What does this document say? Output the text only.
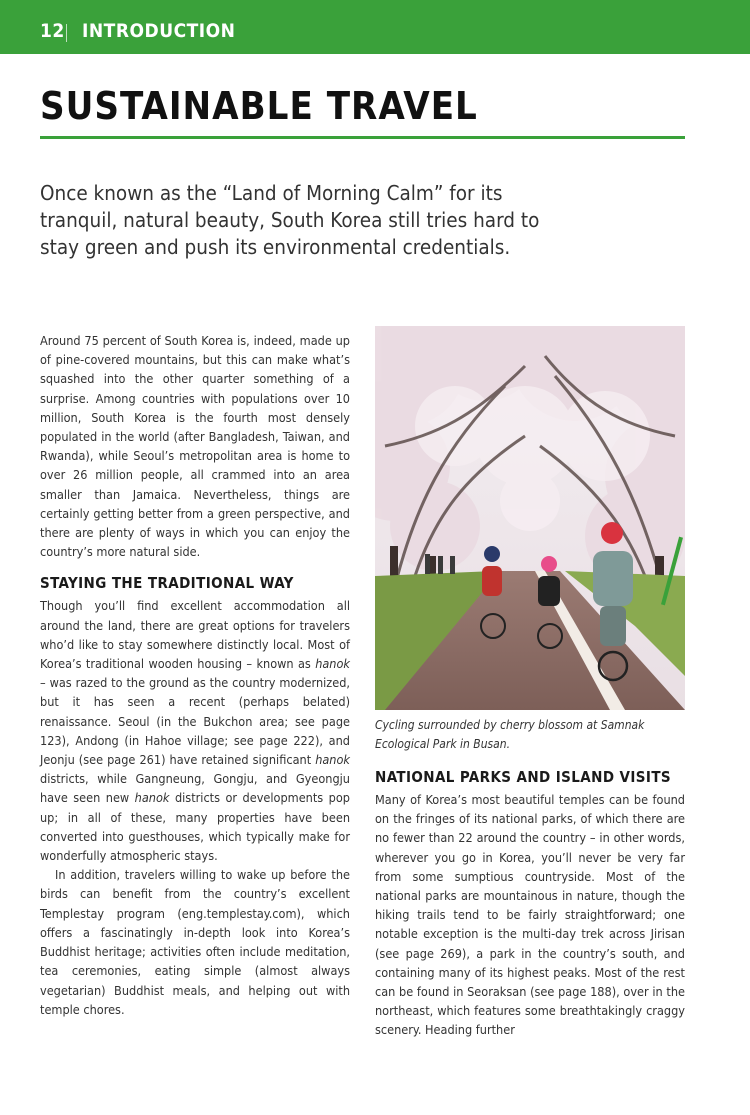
12 INTRODUCTION
SUSTAINABLE TRAVEL
Once known as the “Land of Morning Calm” for its tranquil, natural beauty, South Korea still tries hard to stay green and push its environmental credentials.

Around 75 percent of South Korea is, indeed, made up of pine-covered mountains, but this can make what’s squashed into the other quarter something of a surprise. Among countries with populations over 10 million, South Korea is the fourth most densely populated in the world (after Bangladesh, Taiwan, and Rwanda), while Seoul’s metropolitan area is home to over 26 million people, all crammed into an area smaller than Jamaica. Nevertheless, things are certainly getting better from a green perspective, and there are plenty of ways in which you can enjoy the country’s more natural side.

STAYING THE TRADITIONAL WAY

Though you’ll find excellent accommodation all around the land, there are great options for travelers who’d like to stay somewhere distinctly local. Most of Korea’s traditional wooden housing – known as hanok – was razed to the ground as the country modernized, but it has seen a recent (perhaps belated) renaissance. Seoul (in the Bukchon area; see page 123), Andong (in Hahoe village; see page 222), and Jeonju (see page 261) have retained significant hanok districts, while Gangneung, Gongju, and Gyeongju have seen new hanok districts or developments pop up; in all of these, many properties have been converted into guesthouses, which typically make for wonderfully atmospheric stays.

In addition, travelers willing to wake up before the birds can benefit from the country’s excellent Templestay program (eng.templestay.com), which offers a fascinatingly in-depth look into Korea’s Buddhist heritage; activities often include meditation, tea ceremonies, eating simple (almost always vegetarian) Buddhist meals, and helping out with temple chores.

Cycling surrounded by cherry blossom at Samnak Ecological Park in Busan.
NATIONAL PARKS AND ISLAND VISITS

Many of Korea’s most beautiful temples can be found on the fringes of its national parks, of which there are no fewer than 22 around the country – in other words, wherever you go in Korea, you’ll never be very far from some sumptious countryside. Most of the national parks are mountainous in nature, though the hiking trails tend to be fairly straightforward; one notable exception is the multi-day trek across Jirisan (see page 269), a park in the country’s south, and containing many of its highest peaks. Most of the rest can be found in Seoraksan (see page 188), over in the northeast, which features some breathtakingly craggy scenery. Heading further
